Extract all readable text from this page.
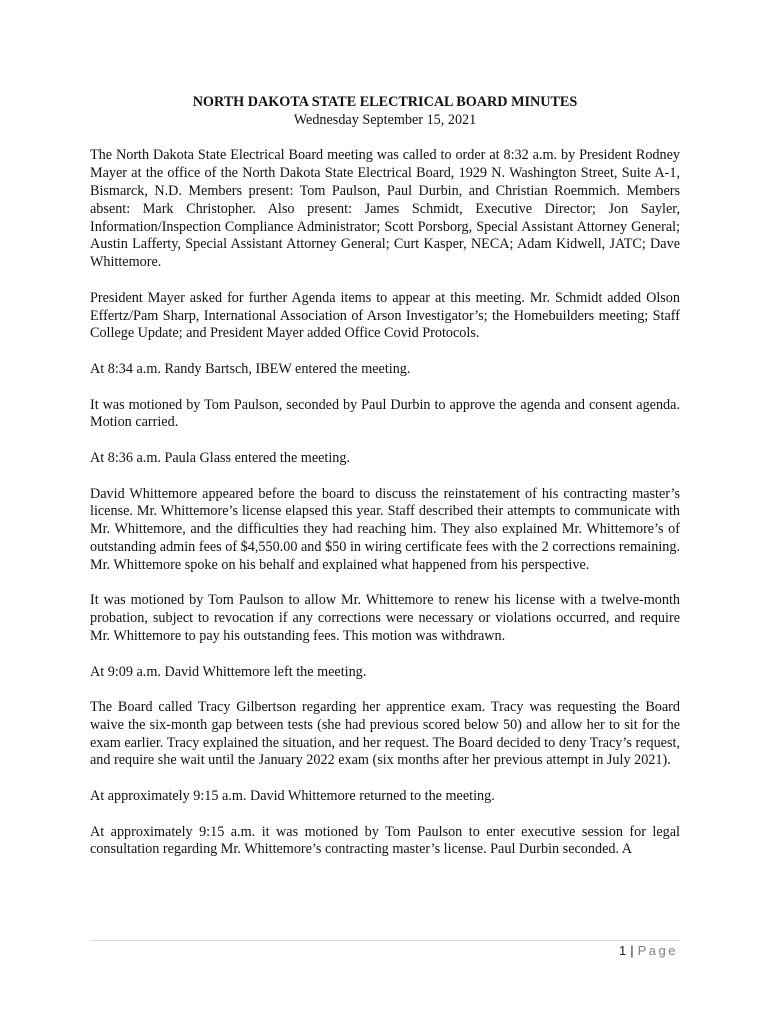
NORTH DAKOTA STATE ELECTRICAL BOARD MINUTES

Wednesday September 15, 2021

The North Dakota State Electrical Board meeting was called to order at 8:32 a.m. by President Rodney Mayer at the office of the North Dakota State Electrical Board, 1929 N. Washington Street, Suite A-1, Bismarck, N.D. Members present: Tom Paulson, Paul Durbin, and Christian Roemmich. Members absent: Mark Christopher. Also present: James Schmidt, Executive Director; Jon Sayler, Information/Inspection Compliance Administrator; Scott Porsborg, Special Assistant Attorney General; Austin Lafferty, Special Assistant Attorney General; Curt Kasper, NECA; Adam Kidwell, JATC; Dave Whittemore.

President Mayer asked for further Agenda items to appear at this meeting. Mr. Schmidt added Olson Effertz/Pam Sharp, International Association of Arson Investigator’s; the Homebuilders meeting; Staff College Update; and President Mayer added Office Covid Protocols.

At 8:34 a.m. Randy Bartsch, IBEW entered the meeting.

It was motioned by Tom Paulson, seconded by Paul Durbin to approve the agenda and consent agenda. Motion carried.

At 8:36 a.m. Paula Glass entered the meeting.

David Whittemore appeared before the board to discuss the reinstatement of his contracting master’s license. Mr. Whittemore’s license elapsed this year. Staff described their attempts to communicate with Mr. Whittemore, and the difficulties they had reaching him. They also explained Mr. Whittemore’s of outstanding admin fees of $4,550.00 and $50 in wiring certificate fees with the 2 corrections remaining. Mr. Whittemore spoke on his behalf and explained what happened from his perspective.

It was motioned by Tom Paulson to allow Mr. Whittemore to renew his license with a twelve-month probation, subject to revocation if any corrections were necessary or violations occurred, and require Mr. Whittemore to pay his outstanding fees. This motion was withdrawn.

At 9:09 a.m. David Whittemore left the meeting.

The Board called Tracy Gilbertson regarding her apprentice exam. Tracy was requesting the Board waive the six-month gap between tests (she had previous scored below 50) and allow her to sit for the exam earlier. Tracy explained the situation, and her request. The Board decided to deny Tracy’s request, and require she wait until the January 2022 exam (six months after her previous attempt in July 2021).

At approximately 9:15 a.m. David Whittemore returned to the meeting.

At approximately 9:15 a.m. it was motioned by Tom Paulson to enter executive session for legal consultation regarding Mr. Whittemore’s contracting master’s license. Paul Durbin seconded. A

1 | Page
